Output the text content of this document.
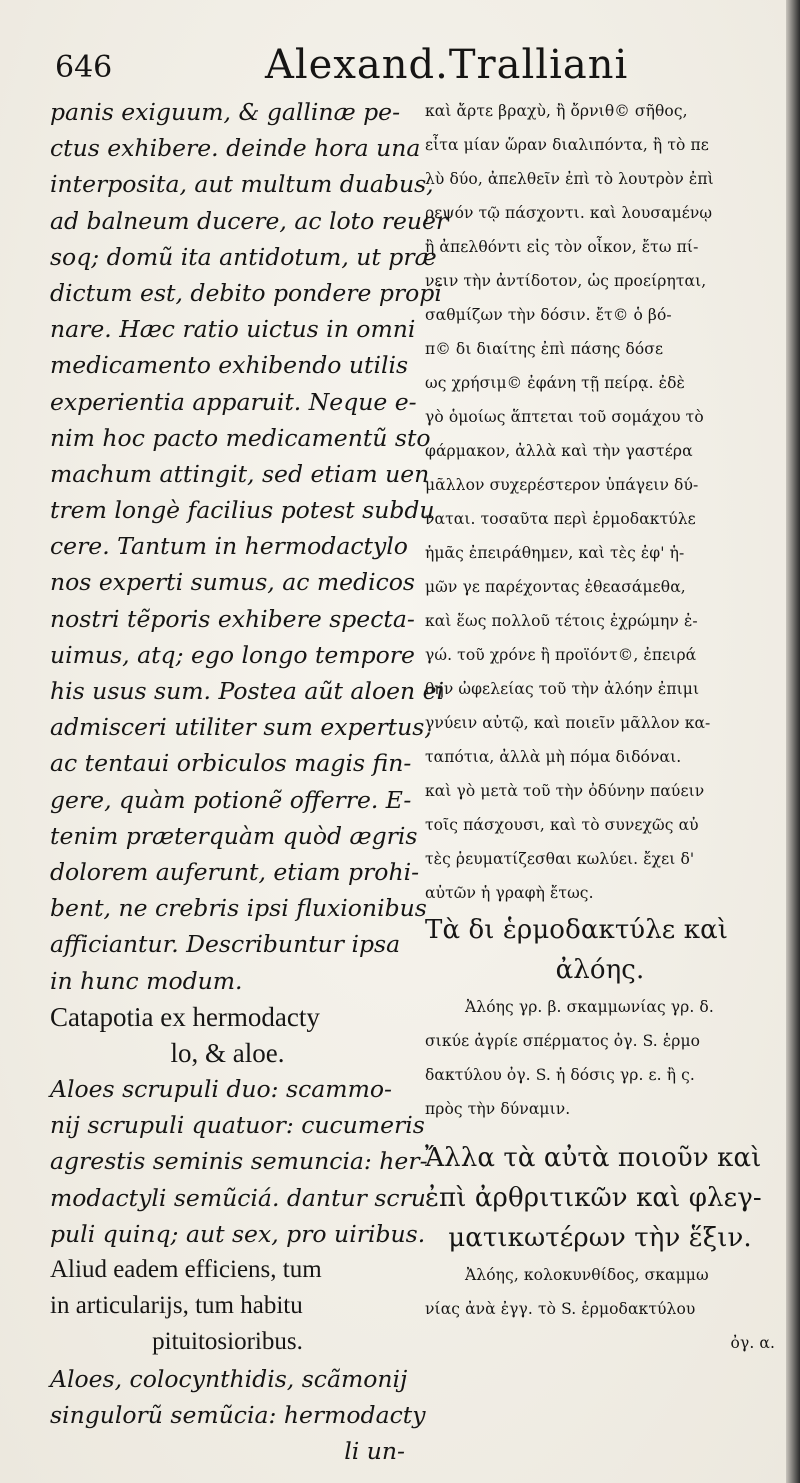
646	Alexand.Tralliani
panis exiguum, & gallinæ pe-
ctus exhibere. deinde hora una
interposita, aut multum duabus,
ad balneum ducere, ac loto reuer
soq; domũ ita antidotum, ut præ
dictum est, debito pondere propi
nare. Hæc ratio uictus in omni
medicamento exhibendo utilis
experientia apparuit. Neque e-
nim hoc pacto medicamentũ sto
machum attingit, sed etiam uen
trem longè facilius potest subdu
cere. Tantum in hermodactylo
nos experti sumus, ac medicos
nostri tẽporis exhibere specta-
uimus, atq; ego longo tempore
his usus sum. Postea aũt aloen ei
admisceri utiliter sum expertus,
ac tentaui orbiculos magis fin-
gere, quàm potionẽ offerre. E-
tenim prӕterquàm quòd ægris
dolorem auferunt, etiam prohi-
bent, ne crebris ipsi fluxionibus
afficiantur. Describuntur ipsa
in hunc modum.
Catapotia ex hermodacty
lo, & aloe.
Aloes scrupuli duo: scammo-
nij scrupuli quatuor: cucumeris
agrestis seminis semuncia: her-
modactyli semũciá. dantur scru
puli quinq; aut sex, pro uiribus.
Aliud eadem efficiens, tum
in articularijs, tum habitu
pituitosioribus.
Aloes, colocynthidis, scãmonij
singulorũ semũcia: hermodacty
li un-
καὶ ἄρτε βραχὺ, ἢ ὄρνιθ© σῆθος,
εἶτα μίαν ὥραν διαλιπόντα, ἢ τὸ πε
λὺ δύο, ἀπελθεῖν ἐπὶ τὸ λουτρὸν ἐπὶ
ρεψόν τῷ πάσχοντι. καὶ λουσαμένῳ
ἢ ἀπελθόντι εἰς τὸν οἶκον, ἔτω πί-
νειν τὴν ἀντίδοτον, ὡς προείρηται,
σαθμίζων τὴν δόσιν. ἔτ© ὁ βό-
π© δι διαίτης ἐπὶ πάσης δόσε
ως χρήσιμ© ἐφάνη τῇ πείρᾳ. ἐδὲ
γὸ ὁμοίως ἅπτεται τοῦ σομάχου τὸ
φάρμακον, ἀλλὰ καὶ τὴν γαστέρα
μᾶλλον συχερέστερον ὑπάγειν δύ-
ναται. τοσαῦτα περὶ ἑρμοδακτύλε
ἡμᾶς ἐπειράθημεν, καὶ τὲς ἐφ' ἡ-
μῶν γε παρέχοντας ἐθεασάμεθα,
καὶ ἕως πολλοῦ τέτοις ἐχρώμην ἐ-
γώ. τοῦ χρόνε ἢ προϊόντ©, ἐπειρά
θην ὠφελείας τοῦ τὴν ἀλόην ἐπιμι
γνύειν αὐτῷ, καὶ ποιεῖν μᾶλλον κα-
ταπότια, ἀλλὰ μὴ πόμα διδόναι.
καὶ γὸ μετὰ τοῦ τὴν ὀδύνην παύειν
τοῖς πάσχουσι, καὶ τὸ συνεχῶς αὐ
τὲς ῥευματίζεσθαι κωλύει. ἔχει δ'
αὐτῶν ἡ γραφὴ ἔτως.
Τὰ δι ἑρμοδακτύλε καὶ
ἀλόης.
Ἀλόης γρ. β. σκαμμωνίας γρ. δ.
σικύε ἀγρίε σπέρματος ὀγ. S. ἑρμο
δακτύλου ὀγ. S. ἡ δόσις γρ. ε. ἢ ς.
πρὸς τὴν δύναμιν.
Ἄλλα τὰ αὐτὰ ποιοῦν καὶ
ἐπὶ ἀρθριτικῶν καὶ φλεγ-
ματικωτέρων τὴν ἕξιν.
Ἀλόης, κολοκυνθίδος, σκαμμω
νίας ἀνὰ ἐγγ. τὸ S. ἑρμοδακτύλου
ὀγ. α.
